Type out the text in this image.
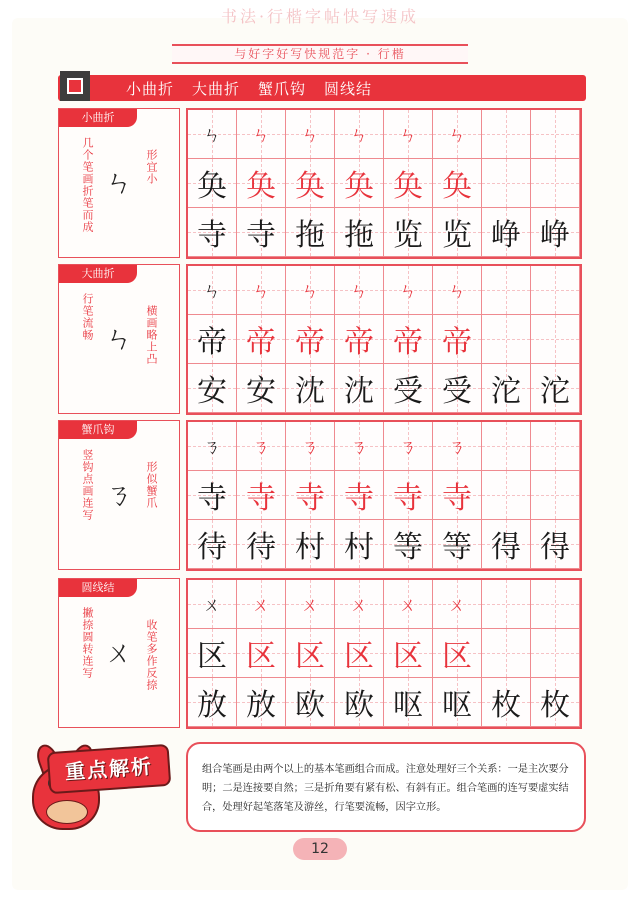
书法·行楷字帖快写速成
与好字好写快规范字 · 行楷
小曲折 大曲折 蟹爪钩 圆线结
小曲折
几个笔画折笔而成 ㄣ 形宜小
ㄣ ㄣ ㄣ ㄣ ㄣ ㄣ
奂 奂 奂 奂 奂 奂
寺 寺 拖 拖 览 览 峥 峥
大曲折
行笔流畅 ㄣ 横画略上凸
ㄣ ㄣ ㄣ ㄣ ㄣ ㄣ
帝 帝 帝 帝 帝 帝
安 安 沈 沈 受 受 沱 沱
蟹爪钩
竖钩点画连写 ㄋ 形似蟹爪
ㄋ ㄋ ㄋ ㄋ ㄋ ㄋ
寺 寺 寺 寺 寺 寺
待 待 村 村 等 等 得 得
圆线结
撇捺圆转连写 ㄨ 收笔多作反捺
ㄨ ㄨ ㄨ ㄨ ㄨ ㄨ
区 区 区 区 区 区
放 放 欧 欧 呕 呕 枚 枚
重点解析	组合笔画是由两个以上的基本笔画组合而成。注意处理好三个关系：一是主次要分明；二是连接要自然；三是折角要有紧有松、有斜有正。组合笔画的连写要虚实结合，处理好起笔落笔及游丝，行笔要流畅，因字立形。
12
